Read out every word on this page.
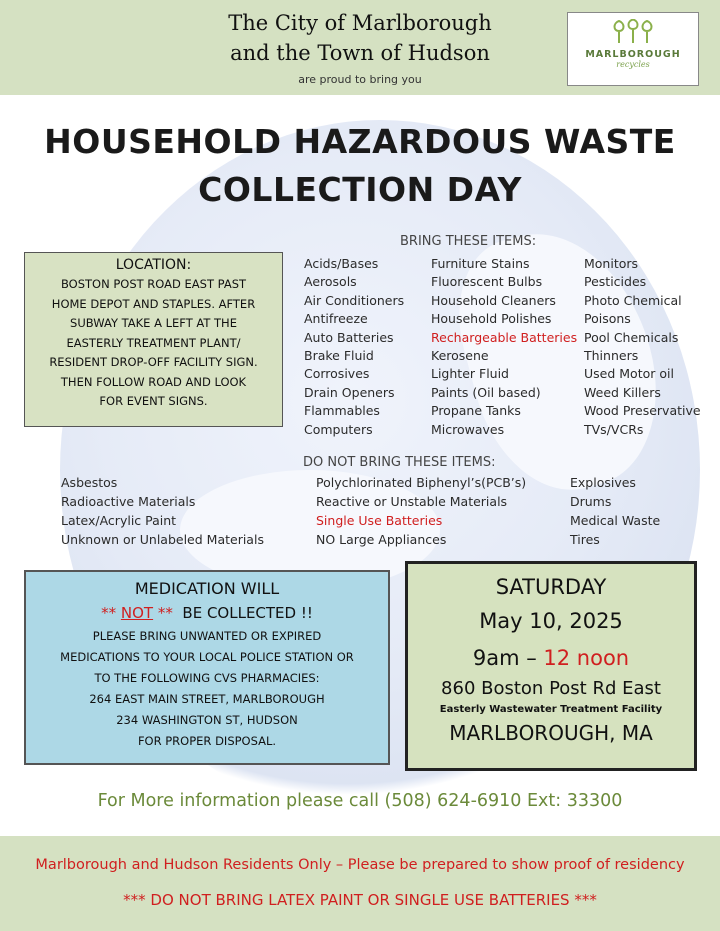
The City of Marlborough
and the Town of Hudson
are proud to bring you
MARLBOROUGH
recycles
HOUSEHOLD HAZARDOUS WASTE
COLLECTION DAY
LOCATION:
BOSTON POST ROAD EAST PAST
HOME DEPOT AND STAPLES. AFTER
SUBWAY TAKE A LEFT AT THE
EASTERLY TREATMENT PLANT/
RESIDENT DROP-OFF FACILITY SIGN.
THEN FOLLOW ROAD AND LOOK
FOR EVENT SIGNS.
BRING THESE ITEMS:
Acids/Bases
Aerosols
Air Conditioners
Antifreeze
Auto Batteries
Brake Fluid
Corrosives
Drain Openers
Flammables
Computers
Furniture Stains
Fluorescent Bulbs
Household Cleaners
Household Polishes
Rechargeable Batteries
Kerosene
Lighter Fluid
Paints (Oil based)
Propane Tanks
Microwaves
Monitors
Pesticides
Photo Chemical
Poisons
Pool Chemicals
Thinners
Used Motor oil
Weed Killers
Wood Preservative
TVs/VCRs
DO NOT BRING THESE ITEMS:
Asbestos
Radioactive Materials
Latex/Acrylic Paint
Unknown or Unlabeled Materials
Polychlorinated Biphenyl’s(PCB’s)
Reactive or Unstable Materials
Single Use Batteries
NO Large Appliances
Explosives
Drums
Medical Waste
Tires
MEDICATION WILL
** NOT **  BE COLLECTED !!
PLEASE BRING UNWANTED OR EXPIRED
MEDICATIONS TO YOUR LOCAL POLICE STATION OR
TO THE FOLLOWING CVS PHARMACIES:
264 EAST MAIN STREET, MARLBOROUGH
234 WASHINGTON ST, HUDSON
FOR PROPER DISPOSAL.
SATURDAY
May 10, 2025
9am – 12 noon
860 Boston Post Rd East
Easterly Wastewater Treatment Facility
MARLBOROUGH, MA
For More information please call (508) 624-6910 Ext: 33300
Marlborough and Hudson Residents Only – Please be prepared to show proof of residency
*** DO NOT BRING LATEX PAINT OR SINGLE USE BATTERIES ***
